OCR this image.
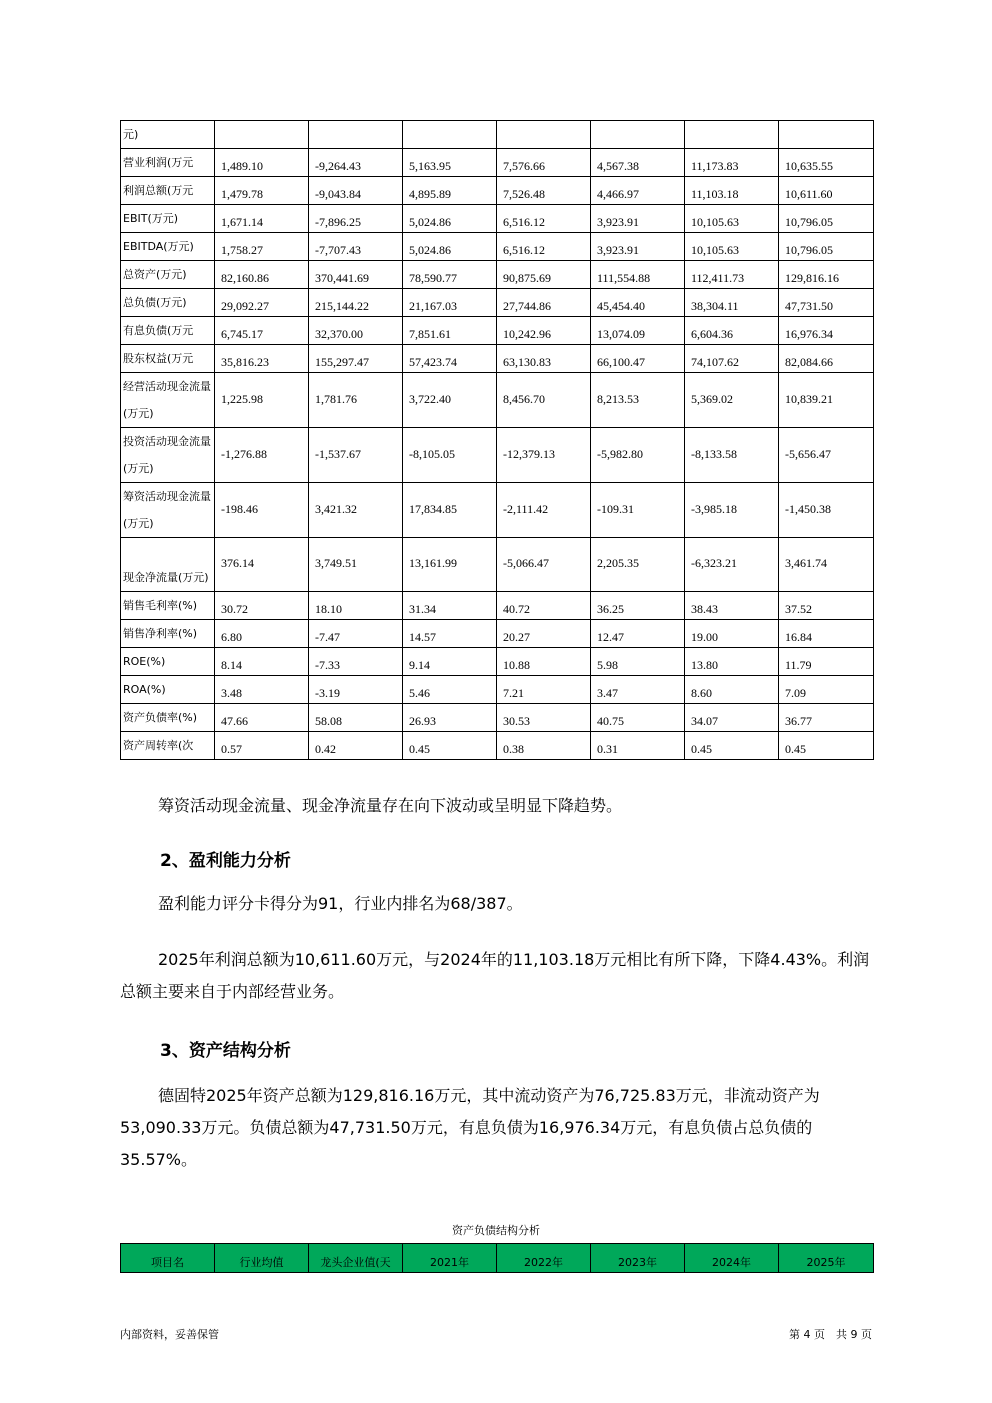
元)							
营业利润(万元	1,489.10	-9,264.43	5,163.95	7,576.66	4,567.38	11,173.83	10,635.55
利润总额(万元	1,479.78	-9,043.84	4,895.89	7,526.48	4,466.97	11,103.18	10,611.60
EBIT(万元)	1,671.14	-7,896.25	5,024.86	6,516.12	3,923.91	10,105.63	10,796.05
EBITDA(万元)	1,758.27	-7,707.43	5,024.86	6,516.12	3,923.91	10,105.63	10,796.05
总资产(万元)	82,160.86	370,441.69	78,590.77	90,875.69	111,554.88	112,411.73	129,816.16
总负债(万元)	29,092.27	215,144.22	21,167.03	27,744.86	45,454.40	38,304.11	47,731.50
有息负债(万元	6,745.17	32,370.00	7,851.61	10,242.96	13,074.09	6,604.36	16,976.34
股东权益(万元	35,816.23	155,297.47	57,423.74	63,130.83	66,100.47	74,107.62	82,084.66
经营活动现金流量(万元)	1,225.98	1,781.76	3,722.40	8,456.70	8,213.53	5,369.02	10,839.21
投资活动现金流量(万元)	-1,276.88	-1,537.67	-8,105.05	-12,379.13	-5,982.80	-8,133.58	-5,656.47
筹资活动现金流量(万元)	-198.46	3,421.32	17,834.85	-2,111.42	-109.31	-3,985.18	-1,450.38
现金净流量(万元)	376.14	3,749.51	13,161.99	-5,066.47	2,205.35	-6,323.21	3,461.74
销售毛利率(%)	30.72	18.10	31.34	40.72	36.25	38.43	37.52
销售净利率(%)	6.80	-7.47	14.57	20.27	12.47	19.00	16.84
ROE(%)	8.14	-7.33	9.14	10.88	5.98	13.80	11.79
ROA(%)	3.48	-3.19	5.46	7.21	3.47	8.60	7.09
资产负债率(%)	47.66	58.08	26.93	30.53	40.75	34.07	36.77
资产周转率(次	0.57	0.42	0.45	0.38	0.31	0.45	0.45
筹资活动现金流量、现金净流量存在向下波动或呈明显下降趋势。
2、盈利能力分析
盈利能力评分卡得分为91，行业内排名为68/387。
2025年利润总额为10,611.60万元，与2024年的11,103.18万元相比有所下降，下降4.43%。利润总额主要来自于内部经营业务。
3、资产结构分析
德固特2025年资产总额为129,816.16万元，其中流动资产为76,725.83万元，非流动资产为53,090.33万元。负债总额为47,731.50万元，有息负债为16,976.34万元，有息负债占总负债的35.57%。
资产负债结构分析
项目名	行业均值	龙头企业值(天	2021年	2022年	2023年	2024年	2025年
内部资料，妥善保管	第 4 页　共 9 页
